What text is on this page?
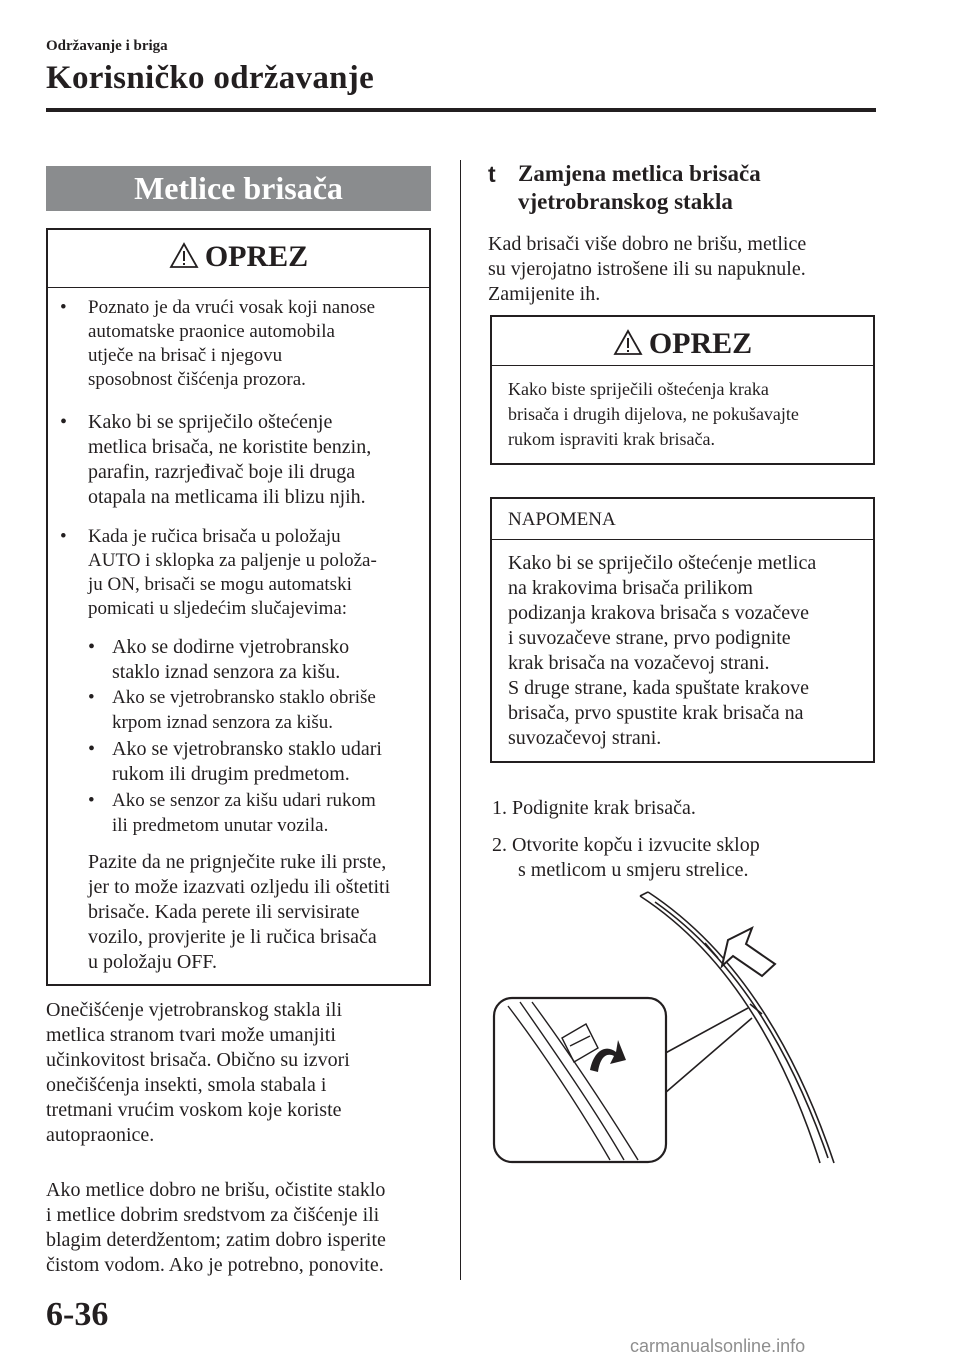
Održavanje i briga
Korisničko održavanje
Metlice brisača
OPREZ
• Poznato je da vrući vosak koji nanose
automatske praonice automobila
utječe na brisač i njegovu
sposobnost čišćenja prozora.
• Kako bi se spriječilo oštećenje
metlica brisača, ne koristite benzin,
parafin, razrjeđivač boje ili druga
otapala na metlicama ili blizu njih.
• Kada je ručica brisača u položaju
AUTO i sklopka za paljenje u položa-
ju ON, brisači se mogu automatski
pomicati u sljedećim slučajevima:
• Ako se dodirne vjetrobransko
staklo iznad senzora za kišu.
• Ako se vjetrobransko staklo obriše
krpom iznad senzora za kišu.
• Ako se vjetrobransko staklo udari
rukom ili drugim predmetom.
• Ako se senzor za kišu udari rukom
ili predmetom unutar vozila.
Pazite da ne prignječite ruke ili prste,
jer to može izazvati ozljedu ili oštetiti
brisače. Kada perete ili servisirate
vozilo, provjerite je li ručica brisača
u položaju OFF.
Onečišćenje vjetrobranskog stakla ili
metlica stranom tvari može umanjiti
učinkovitost brisača. Obično su izvori
onečišćenja insekti, smola stabala i
tretmani vrućim voskom koje koriste
autopraonice.
Ako metlice dobro ne brišu, očistite staklo
i metlice dobrim sredstvom za čišćenje ili
blagim deterdžentom; zatim dobro isperite
čistom vodom. Ako je potrebno, ponovite.
t Zamjena metlica brisača
vjetrobranskog stakla
Kad brisači više dobro ne brišu, metlice
su vjerojatno istrošene ili su napuknule.
Zamijenite ih.
OPREZ
Kako biste spriječili oštećenja kraka
brisača i drugih dijelova, ne pokušavajte
rukom ispraviti krak brisača.
NAPOMENA
Kako bi se spriječilo oštećenje metlica
na krakovima brisača prilikom
podizanja krakova brisača s vozačeve
i suvozačeve strane, prvo podignite
krak brisača na vozačevoj strani.
S druge strane, kada spuštate krakove
brisača, prvo spustite krak brisača na
suvozačevoj strani.
1. Podignite krak brisača.
2. Otvorite kopču i izvucite sklop
s metlicom u smjeru strelice.
6-36
carmanualsonline.info
